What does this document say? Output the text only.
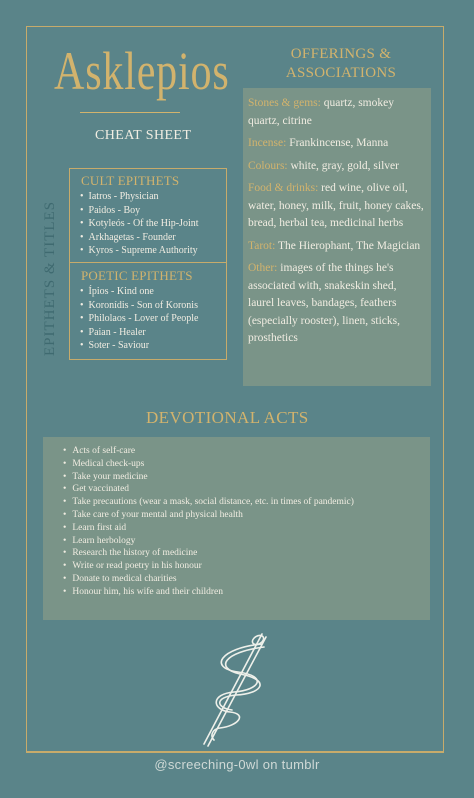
Asklepios
CHEAT SHEET
EPITHETS & TITLES
CULT EPITHETS
• Iatros - Physician
• Paidos - Boy
• Kotyleós - Of the Hip-Joint
• Arkhagetas - Founder
• Kyros - Supreme Authority
POETIC EPITHETS
• Ípios - Kind one
• Koronídis - Son of Koronis
• Philolaos - Lover of People
• Paian - Healer
• Soter - Saviour
OFFERINGS &
ASSOCIATIONS

Stones & gems: quartz, smokey quartz, citrine

Incense: Frankincense, Manna

Colours: white, gray, gold, silver

Food & drinks: red wine, olive oil, water, honey, milk, fruit, honey cakes, bread, herbal tea, medicinal herbs

Tarot: The Hierophant, The Magician

Other: images of the things he's associated with, snakeskin shed, laurel leaves, bandages, feathers (especially rooster), linen, sticks, prosthetics

DEVOTIONAL ACTS
• Acts of self-care
• Medical check-ups
• Take your medicine
• Get vaccinated
• Take precautions (wear a mask, social distance, etc. in times of pandemic)
• Take care of your mental and physical health
• Learn first aid
• Learn herbology
• Research the history of medicine
• Write or read poetry in his honour
• Donate to medical charities
• Honour him, his wife and their children
@screeching-0wl on tumblr
